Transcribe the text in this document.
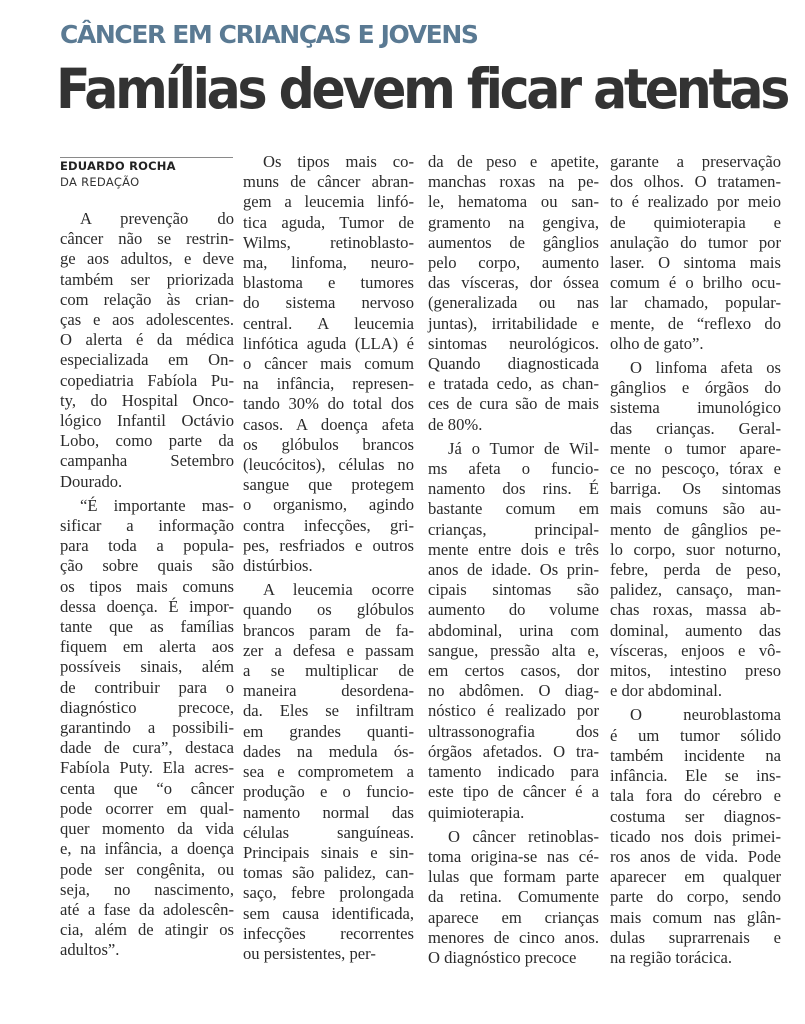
CÂNCER EM CRIANÇAS E JOVENS
Famílias devem ficar atentas
EDUARDO ROCHA
DA REDAÇÃO

A prevenção do
câncer não se restrin-
ge aos adultos, e deve
também ser priorizada
com relação às crian-
ças e aos adolescentes.
O alerta é da médica
especializada em On-
copediatria Fabíola Pu-
ty, do Hospital Onco-
lógico Infantil Octávio
Lobo, como parte da
campanha Setembro
Dourado.

“É importante mas-
sificar a informação
para toda a popula-
ção sobre quais são
os tipos mais comuns
dessa doença. É impor-
tante que as famílias
fiquem em alerta aos
possíveis sinais, além
de contribuir para o
diagnóstico precoce,
garantindo a possibili-
dade de cura”, destaca
Fabíola Puty. Ela acres-
centa que “o câncer
pode ocorrer em qual-
quer momento da vida
e, na infância, a doença
pode ser congênita, ou
seja, no nascimento,
até a fase da adolescên-
cia, além de atingir os
adultos”.

Os tipos mais co-
muns de câncer abran-
gem a leucemia linfó-
tica aguda, Tumor de
Wilms, retinoblasto-
ma, linfoma, neuro-
blastoma e tumores
do sistema nervoso
central. A leucemia
linfótica aguda (LLA) é
o câncer mais comum
na infância, represen-
tando 30% do total dos
casos. A doença afeta
os glóbulos brancos
(leucócitos), células no
sangue que protegem
o organismo, agindo
contra infecções, gri-
pes, resfriados e outros
distúrbios.

A leucemia ocorre
quando os glóbulos
brancos param de fa-
zer a defesa e passam
a se multiplicar de
maneira desordena-
da. Eles se infiltram
em grandes quanti-
dades na medula ós-
sea e comprometem a
produção e o funcio-
namento normal das
células sanguíneas.
Principais sinais e sin-
tomas são palidez, can-
saço, febre prolongada
sem causa identificada,
infecções recorrentes
ou persistentes, per-

da de peso e apetite,
manchas roxas na pe-
le, hematoma ou san-
gramento na gengiva,
aumentos de gânglios
pelo corpo, aumento
das vísceras, dor óssea
(generalizada ou nas
juntas), irritabilidade e
sintomas neurológicos.
Quando diagnosticada
e tratada cedo, as chan-
ces de cura são de mais
de 80%.

Já o Tumor de Wil-
ms afeta o funcio-
namento dos rins. É
bastante comum em
crianças, principal-
mente entre dois e três
anos de idade. Os prin-
cipais sintomas são
aumento do volume
abdominal, urina com
sangue, pressão alta e,
em certos casos, dor
no abdômen. O diag-
nóstico é realizado por
ultrassonografia dos
órgãos afetados. O tra-
tamento indicado para
este tipo de câncer é a
quimioterapia.

O câncer retinoblas-
toma origina-se nas cé-
lulas que formam parte
da retina. Comumente
aparece em crianças
menores de cinco anos.
O diagnóstico precoce

garante a preservação
dos olhos. O tratamen-
to é realizado por meio
de quimioterapia e
anulação do tumor por
laser. O sintoma mais
comum é o brilho ocu-
lar chamado, popular-
mente, de “reflexo do
olho de gato”.

O linfoma afeta os
gânglios e órgãos do
sistema imunológico
das crianças. Geral-
mente o tumor apare-
ce no pescoço, tórax e
barriga. Os sintomas
mais comuns são au-
mento de gânglios pe-
lo corpo, suor noturno,
febre, perda de peso,
palidez, cansaço, man-
chas roxas, massa ab-
dominal, aumento das
vísceras, enjoos e vô-
mitos, intestino preso
e dor abdominal.

O neuroblastoma
é um tumor sólido
também incidente na
infância. Ele se ins-
tala fora do cérebro e
costuma ser diagnos-
ticado nos dois primei-
ros anos de vida. Pode
aparecer em qualquer
parte do corpo, sendo
mais comum nas glân-
dulas suprarrenais e
na região torácica.
